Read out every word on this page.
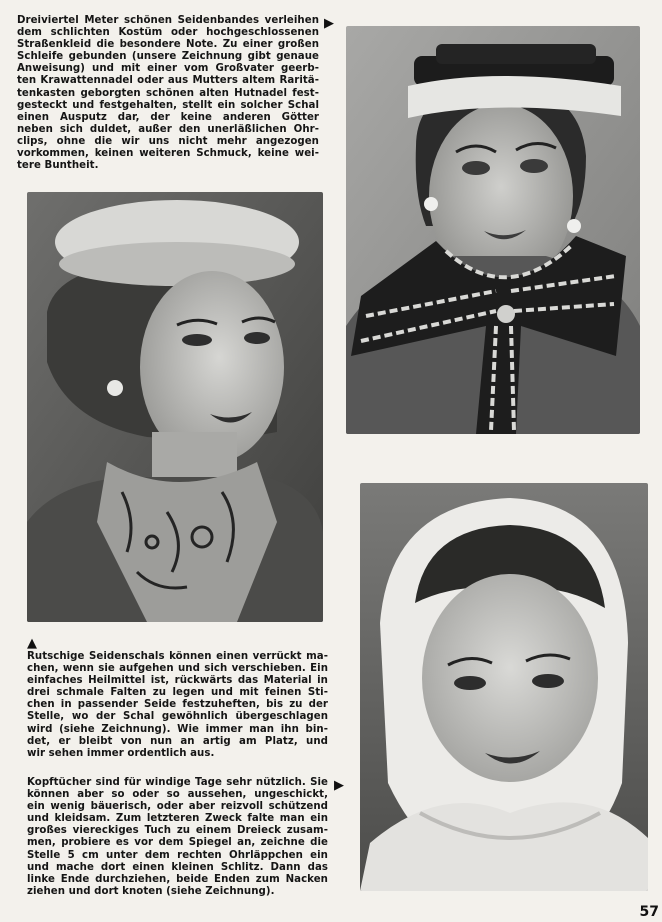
Dreiviertel Meter schönen Seidenbandes verleihen
dem schlichten Kostüm oder hochgeschlossenen
Straßenkleid die besondere Note. Zu einer großen
Schleife gebunden (unsere Zeichnung gibt genaue
Anweisung) und mit einer vom Großvater geerb-
ten Krawattennadel oder aus Mutters altem Raritä-
tenkasten geborgten schönen alten Hutnadel fest-
gesteckt und festgehalten, stellt ein solcher Schal
einen Ausputz dar, der keine anderen Götter
neben sich duldet, außer den unerläßlichen Ohr-
clips, ohne die wir uns nicht mehr angezogen
vorkommen, keinen weiteren Schmuck, keine wei-
tere Buntheit.
▶
▲
Rutschige Seidenschals können einen verrückt ma-
chen, wenn sie aufgehen und sich verschieben. Ein
einfaches Heilmittel ist, rückwärts das Material in
drei schmale Falten zu legen und mit feinen Sti-
chen in passender Seide festzuheften, bis zu der
Stelle, wo der Schal gewöhnlich übergeschlagen
wird (siehe Zeichnung). Wie immer man ihn bin-
det, er bleibt von nun an artig am Platz, und
wir sehen immer ordentlich aus.
Kopftücher sind für windige Tage sehr nützlich. Sie
können aber so oder so aussehen, ungeschickt,
ein wenig bäuerisch, oder aber reizvoll schützend
und kleidsam. Zum letzteren Zweck falte man ein
großes viereckiges Tuch zu einem Dreieck zusam-
men, probiere es vor dem Spiegel an, zeichne die
Stelle 5 cm unter dem rechten Ohrläppchen ein
und mache dort einen kleinen Schlitz. Dann das
linke Ende durchziehen, beide Enden zum Nacken
ziehen und dort knoten (siehe Zeichnung).
▶
57
